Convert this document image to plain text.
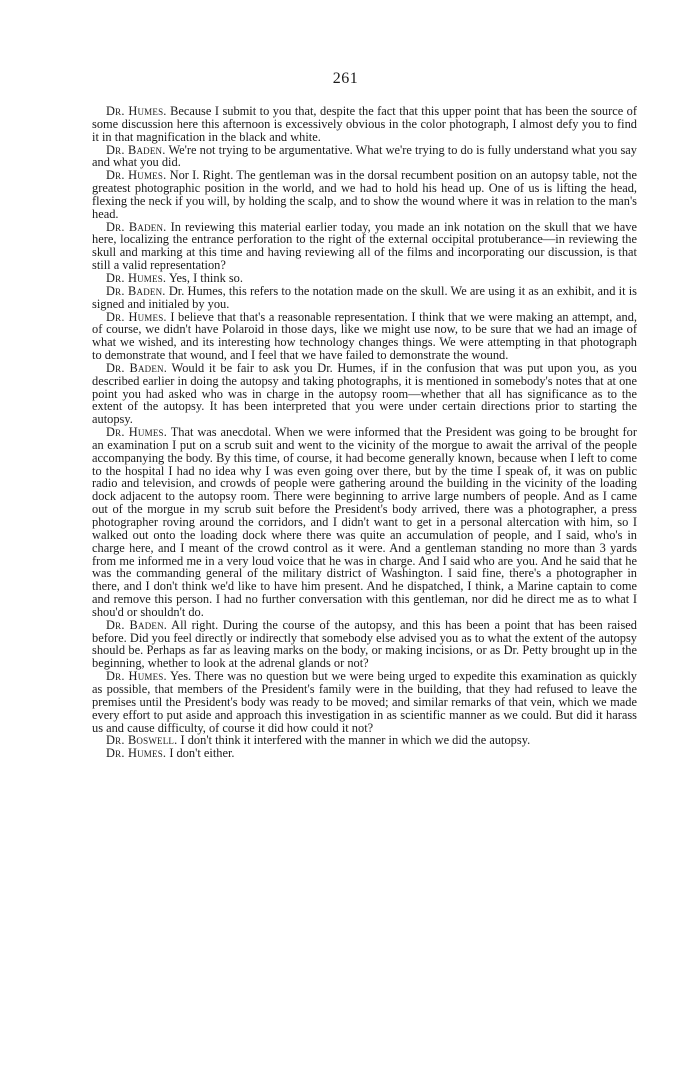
261

Dr. Humes. Because I submit to you that, despite the fact that this upper point that has been the source of some discussion here this afternoon is excessively obvious in the color photograph, I almost defy you to find it in that magnification in the black and white.

Dr. Baden. We're not trying to be argumentative. What we're trying to do is fully understand what you say and what you did.

Dr. Humes. Nor I. Right. The gentleman was in the dorsal recumbent position on an autopsy table, not the greatest photographic position in the world, and we had to hold his head up. One of us is lifting the head, flexing the neck if you will, by holding the scalp, and to show the wound where it was in relation to the man's head.

Dr. Baden. In reviewing this material earlier today, you made an ink notation on the skull that we have here, localizing the entrance perforation to the right of the external occipital protuberance—in reviewing the skull and marking at this time and having reviewing all of the films and incorporating our discussion, is that still a valid representation?

Dr. Humes. Yes, I think so.

Dr. Baden. Dr. Humes, this refers to the notation made on the skull. We are using it as an exhibit, and it is signed and initialed by you.

Dr. Humes. I believe that that's a reasonable representation. I think that we were making an attempt, and, of course, we didn't have Polaroid in those days, like we might use now, to be sure that we had an image of what we wished, and its interesting how technology changes things. We were attempting in that photograph to demonstrate that wound, and I feel that we have failed to demonstrate the wound.

Dr. Baden. Would it be fair to ask you Dr. Humes, if in the confusion that was put upon you, as you described earlier in doing the autopsy and taking photographs, it is mentioned in somebody's notes that at one point you had asked who was in charge in the autopsy room—whether that all has significance as to the extent of the autopsy. It has been interpreted that you were under certain directions prior to starting the autopsy.

Dr. Humes. That was anecdotal. When we were informed that the President was going to be brought for an examination I put on a scrub suit and went to the vicinity of the morgue to await the arrival of the people accompanying the body. By this time, of course, it had become generally known, because when I left to come to the hospital I had no idea why I was even going over there, but by the time I speak of, it was on public radio and television, and crowds of people were gathering around the building in the vicinity of the loading dock adjacent to the autopsy room. There were beginning to arrive large numbers of people. And as I came out of the morgue in my scrub suit before the President's body arrived, there was a photographer, a press photographer roving around the corridors, and I didn't want to get in a personal altercation with him, so I walked out onto the loading dock where there was quite an accumulation of people, and I said, who's in charge here, and I meant of the crowd control as it were. And a gentleman standing no more than 3 yards from me informed me in a very loud voice that he was in charge. And I said who are you. And he said that he was the commanding general of the military district of Washington. I said fine, there's a photographer in there, and I don't think we'd like to have him present. And he dispatched, I think, a Marine captain to come and remove this person. I had no further conversation with this gentleman, nor did he direct me as to what I shou'd or shouldn't do.

Dr. Baden. All right. During the course of the autopsy, and this has been a point that has been raised before. Did you feel directly or indirectly that somebody else advised you as to what the extent of the autopsy should be. Perhaps as far as leaving marks on the body, or making incisions, or as Dr. Petty brought up in the beginning, whether to look at the adrenal glands or not?

Dr. Humes. Yes. There was no question but we were being urged to expedite this examination as quickly as possible, that members of the President's family were in the building, that they had refused to leave the premises until the President's body was ready to be moved; and similar remarks of that vein, which we made every effort to put aside and approach this investigation in as scientific manner as we could. But did it harass us and cause difficulty, of course it did how could it not?

Dr. Boswell. I don't think it interfered with the manner in which we did the autopsy.

Dr. Humes. I don't either.
